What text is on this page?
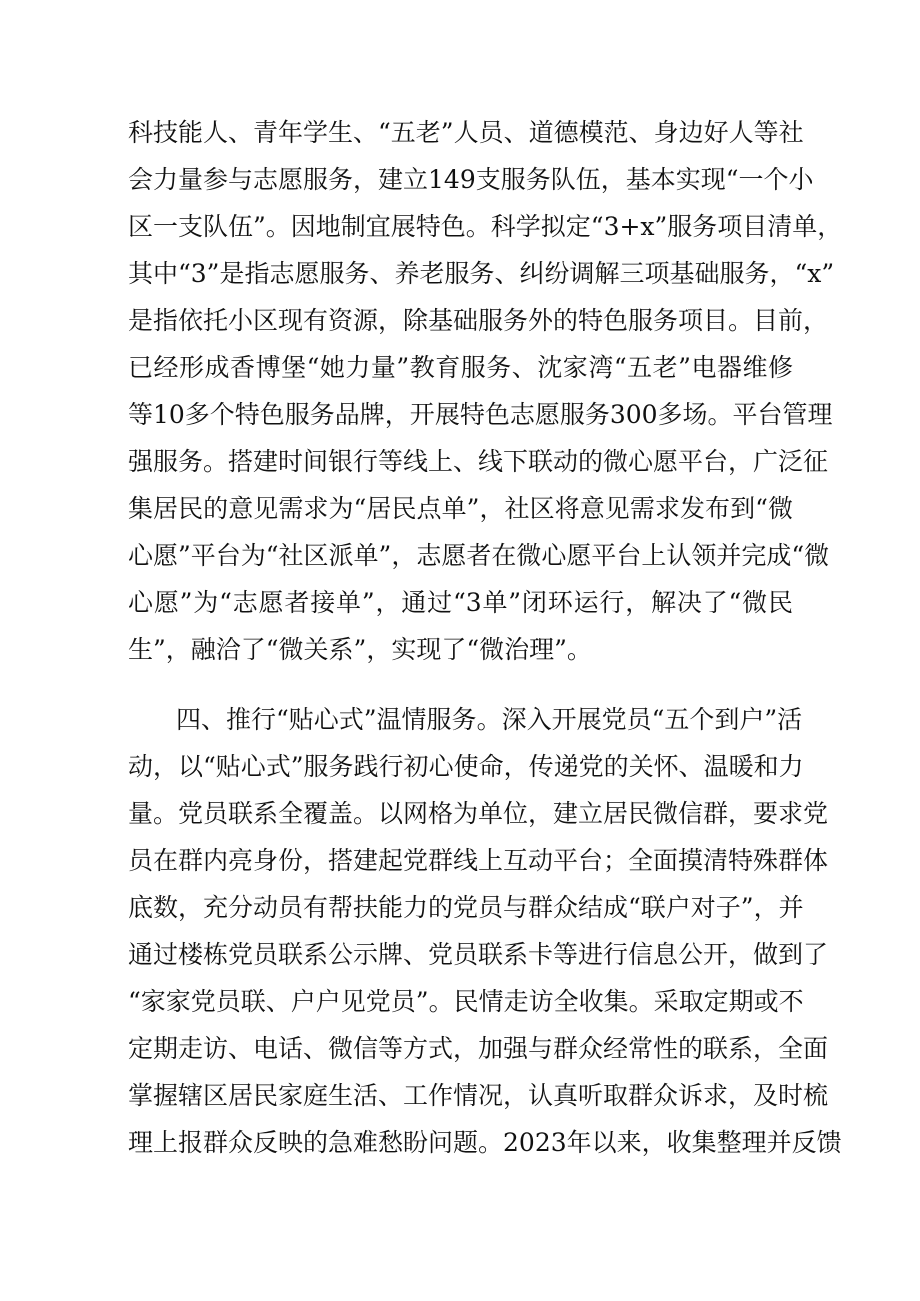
科技能人、青年学生、“五老”人员、道德模范、身边好人等社
会力量参与志愿服务，建立149支服务队伍，基本实现“一个小
区一支队伍”。因地制宜展特色。科学拟定“3+x”服务项目清单，
其中“3”是指志愿服务、养老服务、纠纷调解三项基础服务，“x”
是指依托小区现有资源，除基础服务外的特色服务项目。目前，
已经形成香博堡“她力量”教育服务、沈家湾“五老”电器维修
等10多个特色服务品牌，开展特色志愿服务300多场。平台管理
强服务。搭建时间银行等线上、线下联动的微心愿平台，广泛征
集居民的意见需求为“居民点单”，社区将意见需求发布到“微
心愿”平台为“社区派单”，志愿者在微心愿平台上认领并完成“微
心愿”为“志愿者接单”，通过“3单”闭环运行，解决了“微民
生”，融洽了“微关系”，实现了“微治理”。
四、推行“贴心式”温情服务。深入开展党员“五个到户”活
动，以“贴心式”服务践行初心使命，传递党的关怀、温暖和力
量。党员联系全覆盖。以网格为单位，建立居民微信群，要求党
员在群内亮身份，搭建起党群线上互动平台；全面摸清特殊群体
底数，充分动员有帮扶能力的党员与群众结成“联户对子”，并
通过楼栋党员联系公示牌、党员联系卡等进行信息公开，做到了
“家家党员联、户户见党员”。民情走访全收集。采取定期或不
定期走访、电话、微信等方式，加强与群众经常性的联系，全面
掌握辖区居民家庭生活、工作情况，认真听取群众诉求，及时梳
理上报群众反映的急难愁盼问题。2023年以来，收集整理并反馈
